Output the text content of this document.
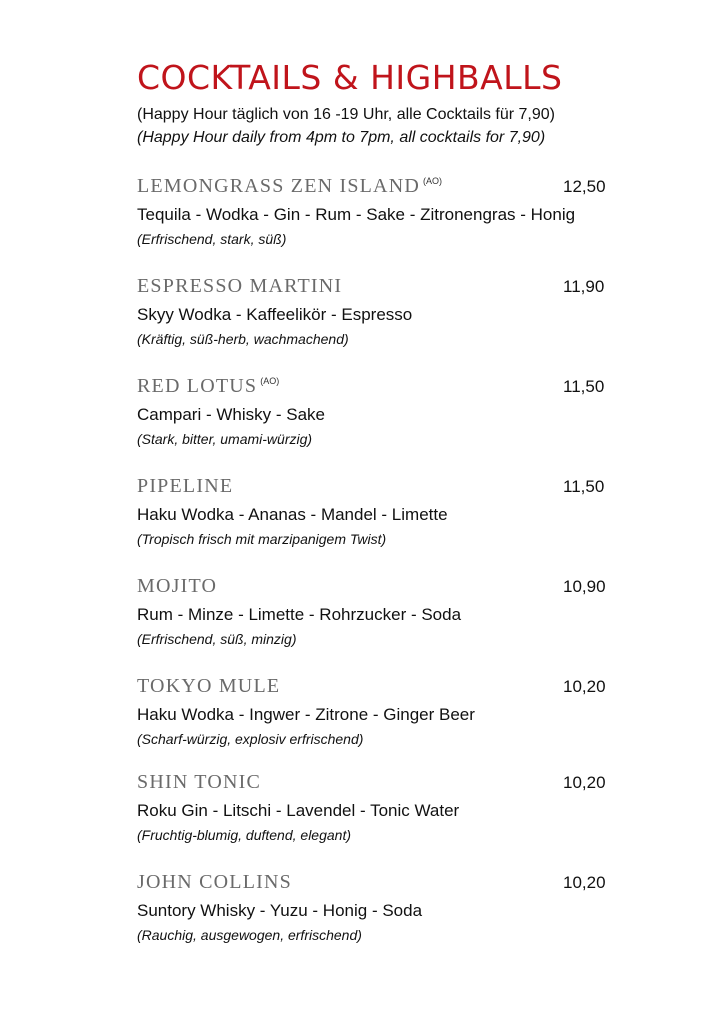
COCKTAILS & HIGHBALLS
(Happy Hour täglich von 16 -19 Uhr, alle Cocktails für 7,90)
(Happy Hour daily from 4pm to 7pm, all cocktails for 7,90)
LEMONGRASS ZEN ISLAND $^{(AO)}$	12,50
Tequila - Wodka - Gin - Rum - Sake - Zitronengras - Honig
(Erfrischend, stark, süß)
ESPRESSO MARTINI	11,90
Skyy Wodka - Kaffeelikör - Espresso
(Kräftig, süß-herb, wachmachend)
RED LOTUS $^{(AO)}$	11,50
Campari - Whisky - Sake
(Stark, bitter, umami-würzig)
PIPELINE	11,50
Haku Wodka - Ananas - Mandel - Limette
(Tropisch frisch mit marzipanigem Twist)
MOJITO	10,90
Rum - Minze - Limette - Rohrzucker - Soda
(Erfrischend, süß, minzig)
TOKYO MULE	10,20
Haku Wodka - Ingwer - Zitrone - Ginger Beer
(Scharf-würzig, explosiv erfrischend)
SHIN TONIC	10,20
Roku Gin - Litschi - Lavendel - Tonic Water
(Fruchtig-blumig, duftend, elegant)
JOHN COLLINS	10,20
Suntory Whisky - Yuzu - Honig - Soda
(Rauchig, ausgewogen, erfrischend)
